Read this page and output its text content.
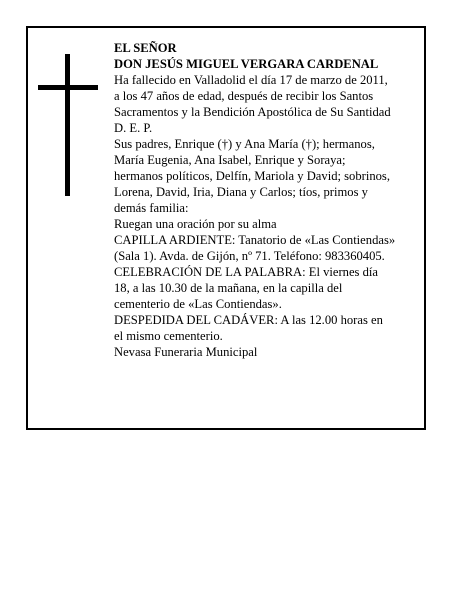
EL SEÑOR
DON JESÚS MIGUEL VERGARA CARDENAL
Ha fallecido en Valladolid el día 17 de marzo de 2011,
a los 47 años de edad, después de recibir los Santos
Sacramentos y la Bendición Apostólica de Su Santidad
D. E. P.
Sus padres, Enrique (†) y Ana María (†); hermanos,
María Eugenia, Ana Isabel, Enrique y Soraya;
hermanos políticos, Delfín, Mariola y David; sobrinos,
Lorena, David, Iria, Diana y Carlos; tíos, primos y
demás familia:
Ruegan una oración por su alma
CAPILLA ARDIENTE: Tanatorio de «Las Contiendas»
(Sala 1). Avda. de Gijón, nº 71. Teléfono: 983360405.
CELEBRACIÓN DE LA PALABRA: El viernes día
18, a las 10.30 de la mañana, en la capilla del
cementerio de «Las Contiendas».
DESPEDIDA DEL CADÁVER: A las 12.00 horas en
el mismo cementerio.
Nevasa Funeraria Municipal
